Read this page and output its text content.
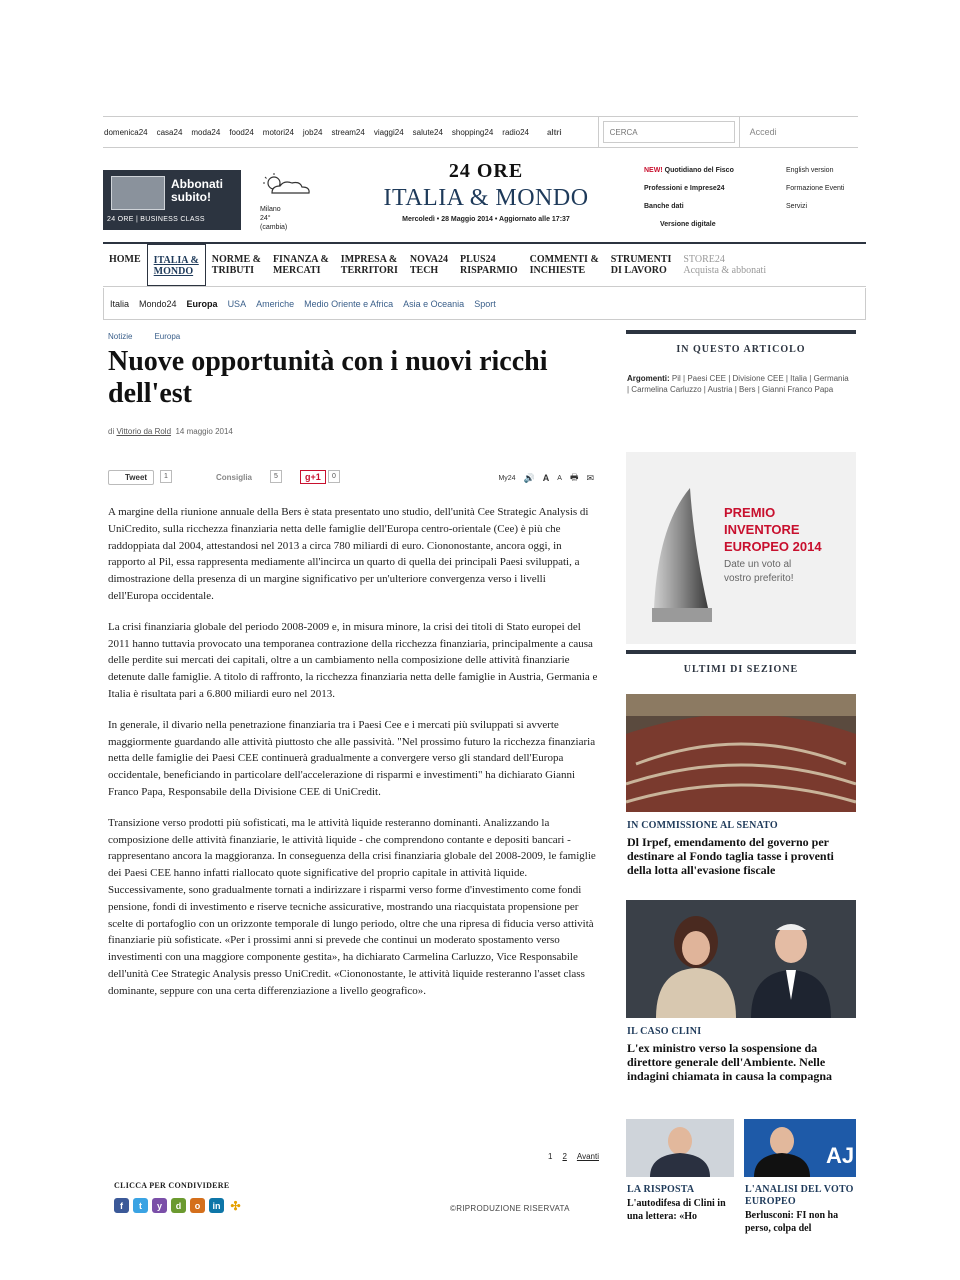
domenica24 casa24 moda24 food24 motori24 job24 stream24 viaggi24 salute24 shopping24 radio24 altri
CERCA	Accedi
Abbonati subito!
24 ORE | BUSINESS CLASS
Milano
24°
(cambia)
24 ORE
ITALIA & MONDO
Mercoledì • 28 Maggio 2014 • Aggiornato alle 17:37
NEW! Quotidiano del Fisco	English version
Professioni e Imprese24	Formazione Eventi
Banche dati	Servizi
Versione digitale
HOME ITALIA &
MONDO
NORME &
TRIBUTI
FINANZA &
MERCATI
IMPRESA &
TERRITORI
NOVA24
TECH
PLUS24
RISPARMIO
COMMENTI &
INCHIESTE
STRUMENTI
DI LAVORO
STORE24
Acquista & abbonati
Italia Mondo24 Europa USA Americhe Medio Oriente e Africa Asia e Oceania Sport
Notizie	Europa
Nuove opportunità con i nuovi ricchi dell'est
di Vittorio da Rold 14 maggio 2014
Tweet	1	Consiglia	5	g+1	0	My24 🔊 A A 🖶 ✉

A margine della riunione annuale della Bers è stata presentato uno studio, dell'unità Cee Strategic Analysis di UniCredito, sulla ricchezza finanziaria netta delle famiglie dell'Europa centro-orientale (Cee) è più che raddoppiata dal 2004, attestandosi nel 2013 a circa 780 miliardi di euro. Ciononostante, ancora oggi, in rapporto al Pil, essa rappresenta mediamente all'incirca un quarto di quella dei principali Paesi sviluppati, a dimostrazione della presenza di un margine significativo per un'ulteriore convergenza verso i livelli dell'Europa occidentale.

La crisi finanziaria globale del periodo 2008-2009 e, in misura minore, la crisi dei titoli di Stato europei del 2011 hanno tuttavia provocato una temporanea contrazione della ricchezza finanziaria, principalmente a causa delle perdite sui mercati dei capitali, oltre a un cambiamento nella composizione delle attività finanziarie detenute dalle famiglie. A titolo di raffronto, la ricchezza finanziaria netta delle famiglie in Austria, Germania e Italia è risultata pari a 6.800 miliardi euro nel 2013.

In generale, il divario nella penetrazione finanziaria tra i Paesi Cee e i mercati più sviluppati si avverte maggiormente guardando alle attività piuttosto che alle passività. "Nel prossimo futuro la ricchezza finanziaria netta delle famiglie dei Paesi CEE continuerà gradualmente a convergere verso gli standard dell'Europa occidentale, beneficiando in particolare dell'accelerazione di risparmi e investimenti" ha dichiarato Gianni Franco Papa, Responsabile della Divisione CEE di UniCredit.

Transizione verso prodotti più sofisticati, ma le attività liquide resteranno dominanti. Analizzando la composizione delle attività finanziarie, le attività liquide - che comprendono contante e depositi bancari -rappresentano ancora la maggioranza. In conseguenza della crisi finanziaria globale del 2008-2009, le famiglie dei Paesi CEE hanno infatti riallocato quote significative del proprio capitale in attività liquide.

Successivamente, sono gradualmente tornati a indirizzare i risparmi verso forme d'investimento come fondi pensione, fondi di investimento e riserve tecniche assicurative, mostrando una riacquistata propensione per scelte di portafoglio con un orizzonte temporale di lungo periodo, oltre che una ripresa di fiducia verso attività finanziarie più sofisticate. «Per i prossimi anni si prevede che continui un moderato spostamento verso investimenti con una maggiore componente gestita», ha dichiarato Carmelina Carluzzo, Vice Responsabile dell'unità Cee Strategic Analysis presso UniCredit. «Ciononostante, le attività liquide resteranno l'asset class dominante, seppure con una certa differenziazione a livello geografico».

1 2 Avanti
CLICCA PER CONDIVIDERE
f	t	y	d	o	in ✣	©RIPRODUZIONE RISERVATA
IN QUESTO ARTICOLO
Argomenti: Pil | Paesi CEE | Divisione CEE | Italia | Germania | Carmelina Carluzzo | Austria | Bers | Gianni Franco Papa
PREMIO INVENTORE EUROPEO 2014
Date un voto al vostro preferito!
ULTIMI DI SEZIONE
IN COMMISSIONE AL SENATO
Dl Irpef, emendamento del governo per destinare al Fondo taglia tasse i proventi della lotta all'evasione fiscale
IL CASO CLINI
L'ex ministro verso la sospensione da direttore generale dell'Ambiente. Nelle indagini chiamata in causa la compagna
AJ
LA RISPOSTA
L'autodifesa di Clini in una lettera: «Ho
L'ANALISI DEL VOTO EUROPEO
Berlusconi: FI non ha perso, colpa del
